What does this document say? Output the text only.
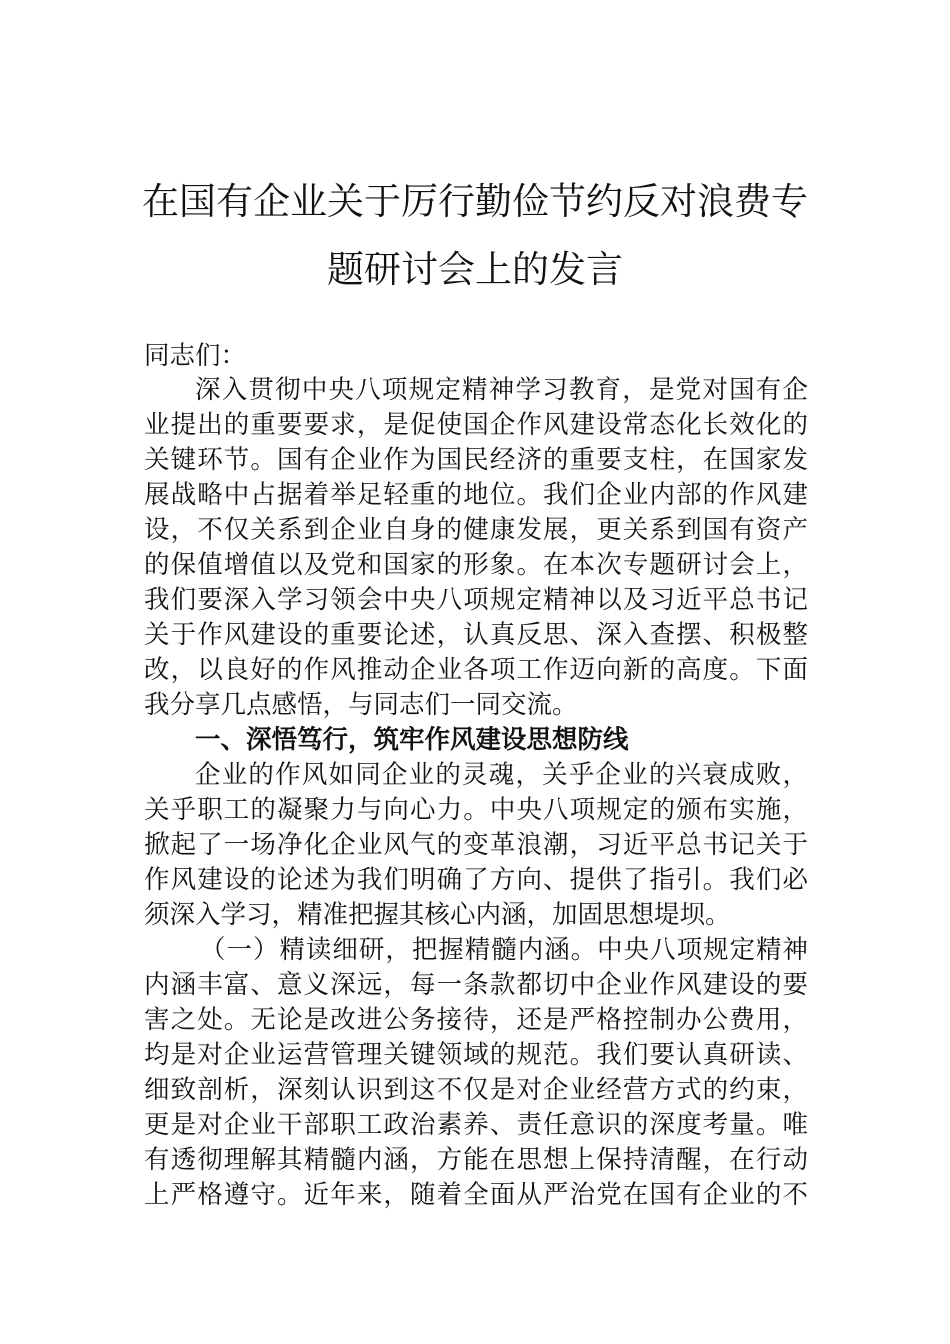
在国有企业关于厉行勤俭节约反对浪费专
题研讨会上的发言
同志们：
深入贯彻中央八项规定精神学习教育，是党对国有企
业提出的重要要求，是促使国企作风建设常态化长效化的
关键环节。国有企业作为国民经济的重要支柱，在国家发
展战略中占据着举足轻重的地位。我们企业内部的作风建
设，不仅关系到企业自身的健康发展，更关系到国有资产
的保值增值以及党和国家的形象。在本次专题研讨会上，
我们要深入学习领会中央八项规定精神以及习近平总书记
关于作风建设的重要论述，认真反思、深入查摆、积极整
改，以良好的作风推动企业各项工作迈向新的高度。下面
我分享几点感悟，与同志们一同交流。
一、深悟笃行，筑牢作风建设思想防线
企业的作风如同企业的灵魂，关乎企业的兴衰成败，
关乎职工的凝聚力与向心力。中央八项规定的颁布实施，
掀起了一场净化企业风气的变革浪潮，习近平总书记关于
作风建设的论述为我们明确了方向、提供了指引。我们必
须深入学习，精准把握其核心内涵，加固思想堤坝。
（一）精读细研，把握精髓内涵。中央八项规定精神
内涵丰富、意义深远，每一条款都切中企业作风建设的要
害之处。无论是改进公务接待，还是严格控制办公费用，
均是对企业运营管理关键领域的规范。我们要认真研读、
细致剖析，深刻认识到这不仅是对企业经营方式的约束，
更是对企业干部职工政治素养、责任意识的深度考量。唯
有透彻理解其精髓内涵，方能在思想上保持清醒，在行动
上严格遵守。近年来，随着全面从严治党在国有企业的不
